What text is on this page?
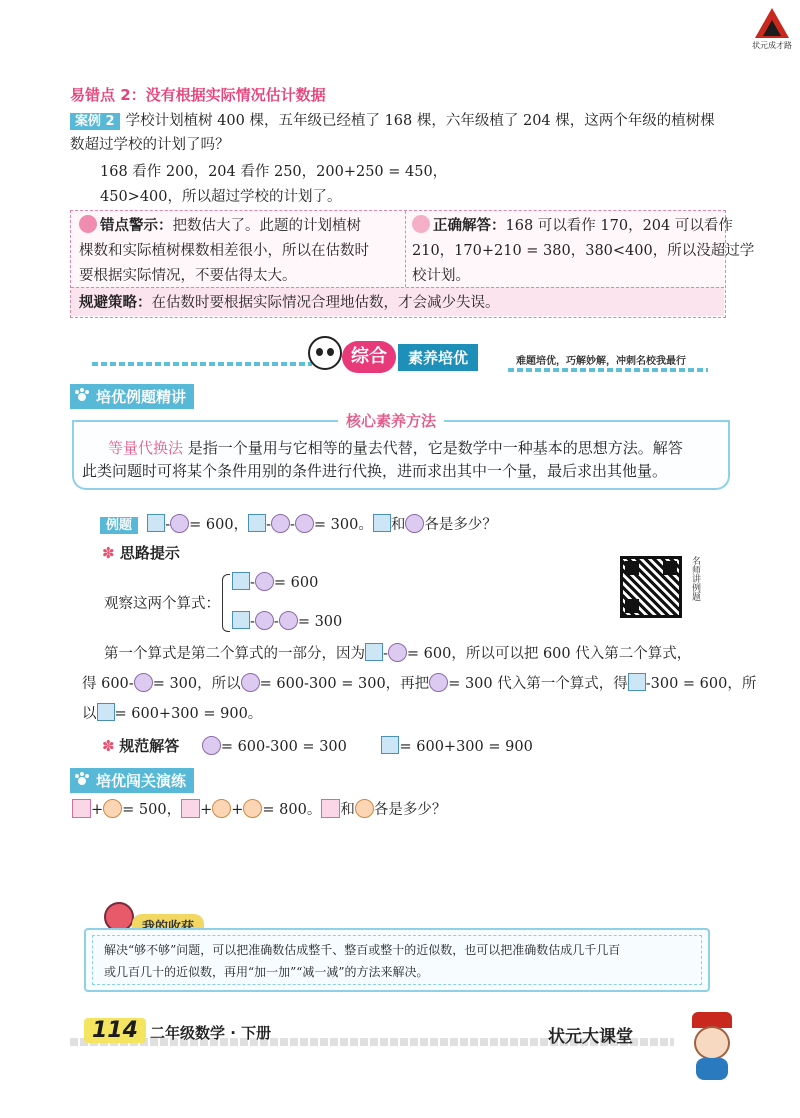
状元成才路
易错点 2：没有根据实际情况估计数据
案例 2 学校计划植树 400 棵，五年级已经植了 168 棵，六年级植了 204 棵，这两个年级的植树棵
数超过学校的计划了吗？
168 看作 200，204 看作 250，200+250 = 450，
450>400，所以超过学校的计划了。
错点警示：把数估大了。此题的计划植树
棵数和实际植树棵数相差很小，所以在估数时
要根据实际情况，不要估得太大。
正确解答：168 可以看作 170，204 可以看作
210，170+210 = 380，380<400，所以没超过学
校计划。
规避策略：在估数时要根据实际情况合理地估数，才会减少失误。
综合	素养培优	难题培优，巧解妙解，冲刺名校我最行
培优例题精讲
核心素养方法
等量代换法 是指一个量用与它相等的量去代替，它是数学中一种基本的思想方法。解答
此类问题时可将某个条件用别的条件进行代换，进而求出其中一个量，最后求出其他量。
例题 - = 600， - - = 300。 和 各是多少？
✽ 思路提示
观察这两个算式：
- = 600
- - = 300
名师讲例题
第一个算式是第二个算式的一部分，因为 - = 600，所以可以把 600 代入第二个算式，
得 600- = 300，所以 = 600-300 = 300，再把 = 300 代入第一个算式，得 -300 = 600，所
以 = 600+300 = 900。
✽ 规范解答	= 600-300 = 300	= 600+300 = 900
培优闯关演练
+ = 500， + + = 800。 和 各是多少？
解决“够不够”问题，可以把准确数估成整千、整百或整十的近似数，也可以把准确数估成几千几百
或几百几十的近似数，再用“加一加”“减一减”的方法来解决。
114 二年级数学 · 下册	状元大课堂
